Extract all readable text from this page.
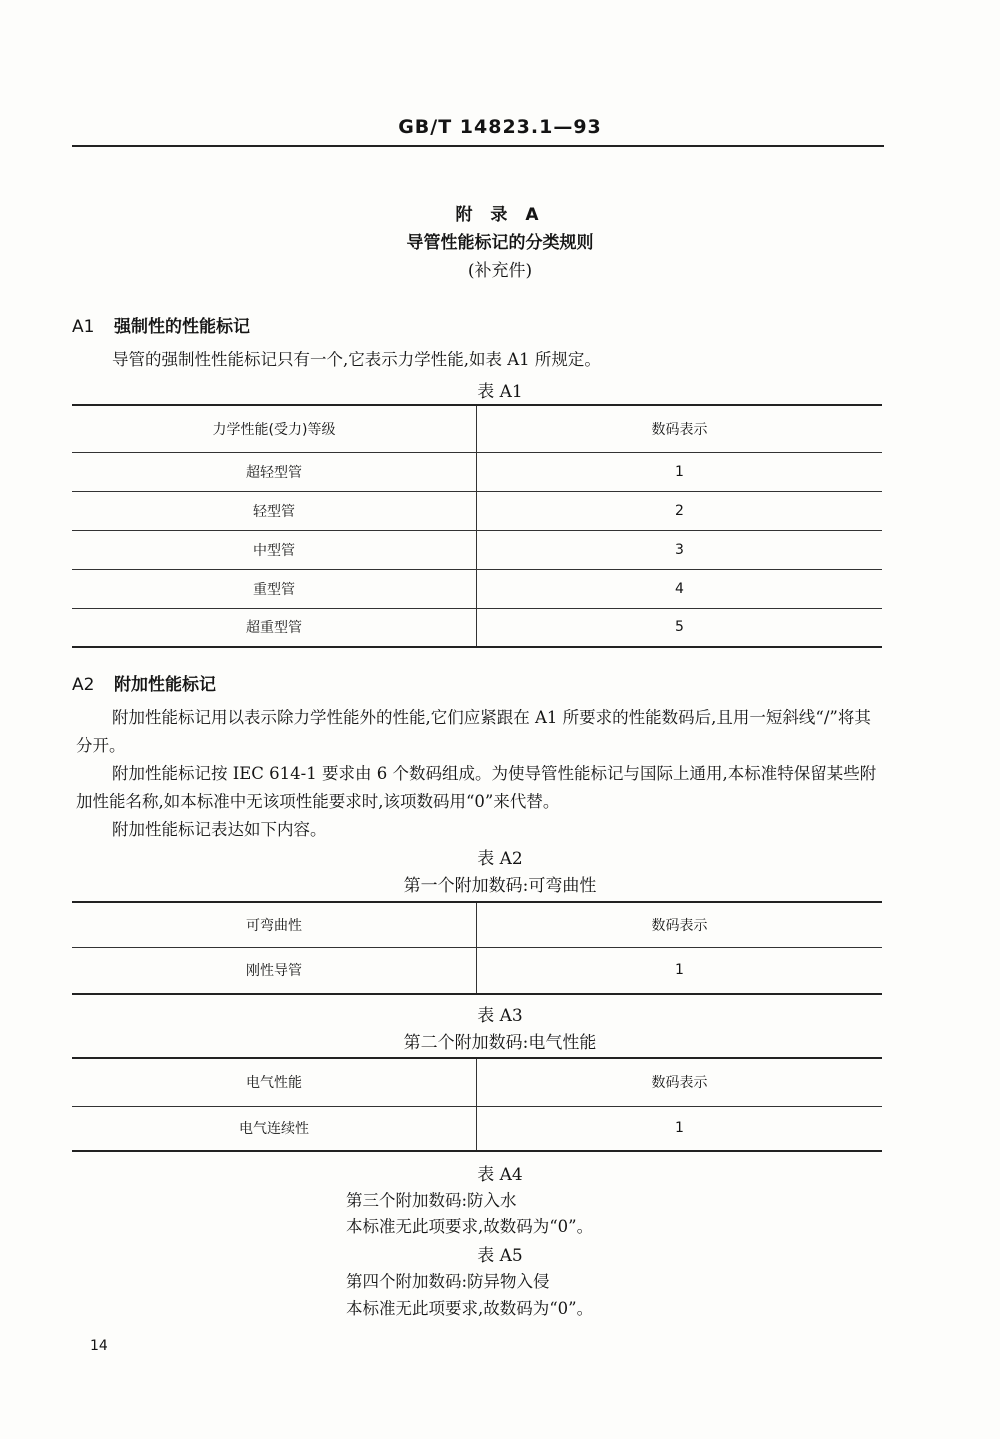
GB/T 14823.1—93
附 录 A
导管性能标记的分类规则
(补充件)
A1 强制性的性能标记
导管的强制性性能标记只有一个,它表示力学性能,如表 A1 所规定。
表 A1
力学性能(受力)等级	数码表示
超轻型管	1
轻型管	2
中型管	3
重型管	4
超重型管	5
A2 附加性能标记
附加性能标记用以表示除力学性能外的性能,它们应紧跟在 A1 所要求的性能数码后,且用一短斜线“/”将其分开。
附加性能标记按 IEC 614-1 要求由 6 个数码组成。为使导管性能标记与国际上通用,本标准特保留某些附加性能名称,如本标准中无该项性能要求时,该项数码用“0”来代替。
附加性能标记表达如下内容。
表 A2
第一个附加数码:可弯曲性
可弯曲性	数码表示
刚性导管	1
表 A3
第二个附加数码:电气性能
电气性能	数码表示
电气连续性	1
表 A4
第三个附加数码:防入水
本标准无此项要求,故数码为“0”。
表 A5
第四个附加数码:防异物入侵
本标准无此项要求,故数码为“0”。
14
